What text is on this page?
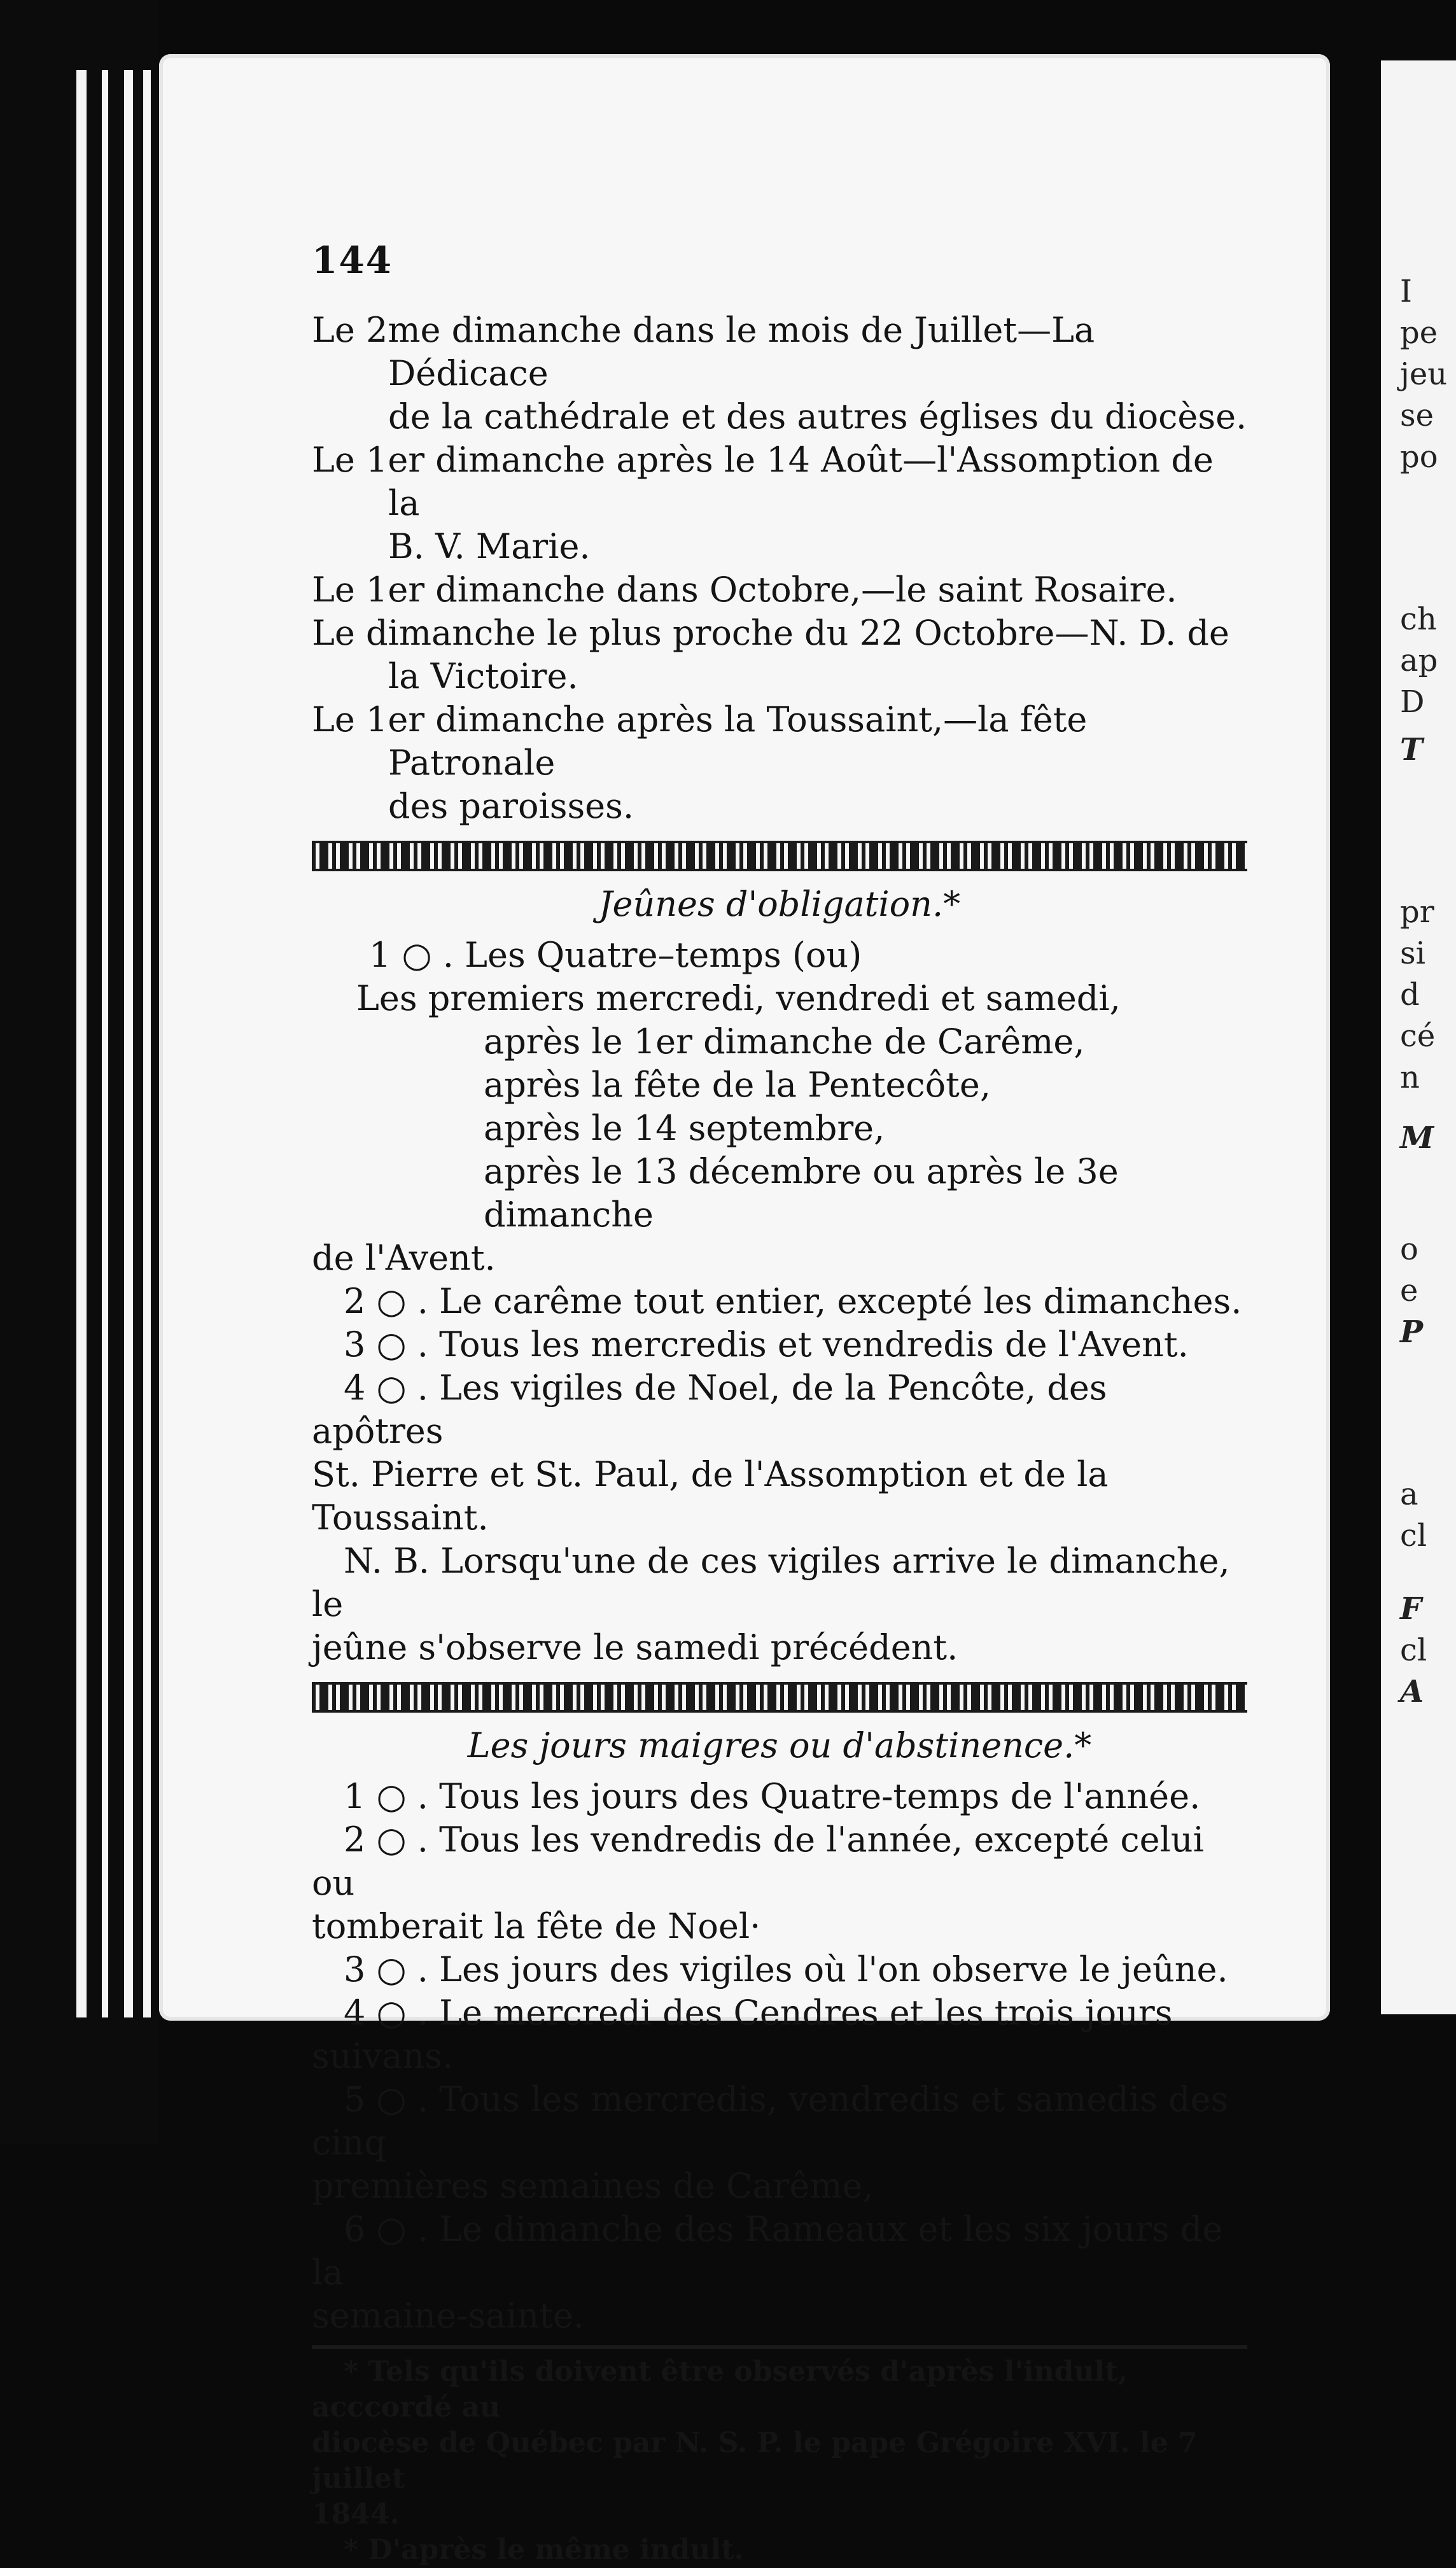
144

Le 2me dimanche dans le mois de Juillet—La Dédicace

de la cathédrale et des autres églises du diocèse.

Le 1er dimanche après le 14 Août—l'Assomption de la

B. V. Marie.

Le 1er dimanche dans Octobre,—le saint Rosaire.

Le dimanche le plus proche du 22 Octobre—N. D. de

la Victoire.

Le 1er dimanche après la Toussaint,—la fête Patronale

des paroisses.

Jeûnes d'obligation.*

1 ○ . Les Quatre–temps (ou)

Les premiers mercredi, vendredi et samedi,

après le 1er dimanche de Carême,

après la fête de la Pentecôte,

après le 14 septembre,

après le 13 décembre ou après le 3e dimanche

de l'Avent.

2 ○ . Le carême tout entier, excepté les dimanches.

3 ○ . Tous les mercredis et vendredis de l'Avent.

4 ○ . Les vigiles de Noel, de la Pencôte, des apôtres

St. Pierre et St. Paul, de l'Assomption et de la Toussaint.

N. B. Lorsqu'une de ces vigiles arrive le dimanche, le

jeûne s'observe le samedi précédent.

Les jours maigres ou d'abstinence.*

1 ○ . Tous les jours des Quatre-temps de l'année.

2 ○ . Tous les vendredis de l'année, excepté celui ou

tomberait la fête de Noel·

3 ○ . Les jours des vigiles où l'on observe le jeûne.

4 ○ . Le mercredi des Cendres et les trois jours suivans.

5 ○ . Tous les mercredis, vendredis et samedis des cinq

premières semaines de Carême,

6 ○ . Le dimanche des Rameaux et les six jours de la

semaine-sainte.

* Tels qu'ils doivent être observés d'après l'indult, acccordé au

diocèse de Québec par N. S. P. le pape Grégoire XVI. le 7 juillet

1844.

* D'après le même indult.

I
pe
jeu
se
po
ch
ap
D
T
pr
si
d
cé
n
M
o
e
P
a
cl
F
cl
A
